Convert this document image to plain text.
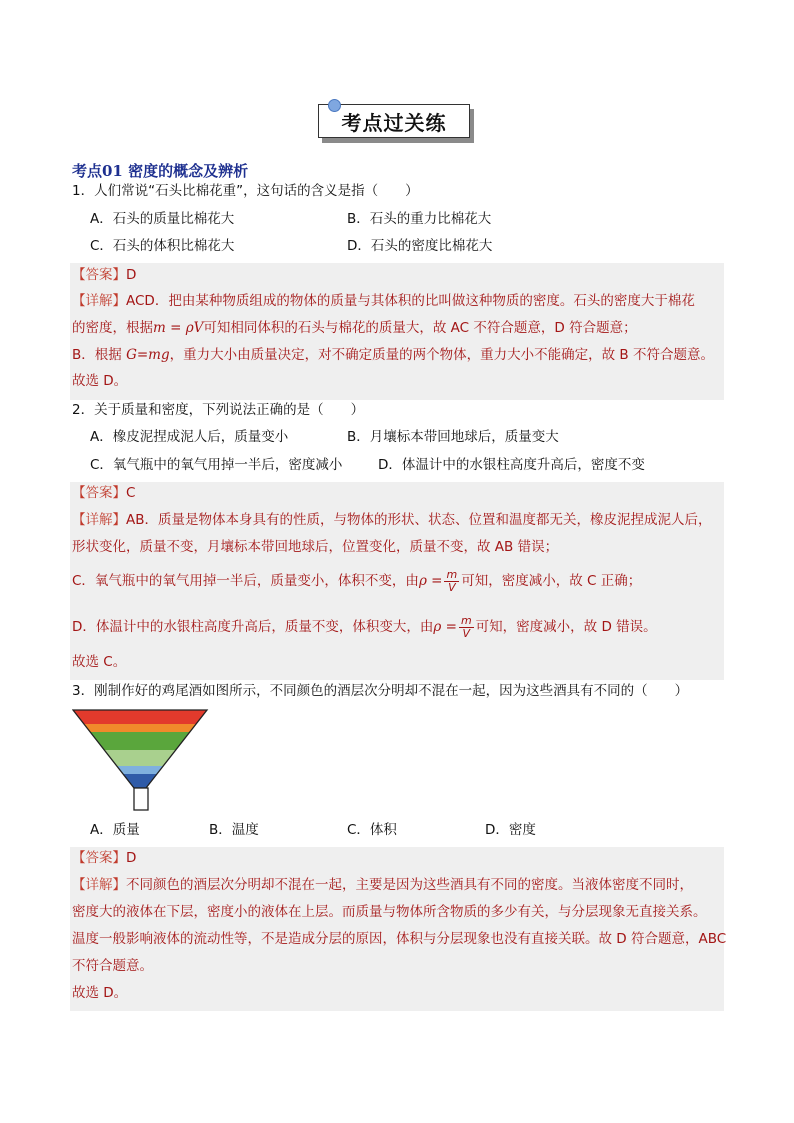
考点过关练
考点01 密度的概念及辨析
1．人们常说“石头比棉花重”，这句话的含义是指（　　）
A．石头的质量比棉花大	B．石头的重力比棉花大
C．石头的体积比棉花大	D．石头的密度比棉花大
【答案】D
【详解】ACD．把由某种物质组成的物体的质量与其体积的比叫做这种物质的密度。石头的密度大于棉花
的密度，根据m = ρV可知相同体积的石头与棉花的质量大，故 AC 不符合题意，D 符合题意；
B．根据 G=mg，重力大小由质量决定，对不确定质量的两个物体，重力大小不能确定，故 B 不符合题意。
故选 D。
2．关于质量和密度，下列说法正确的是（　　）
A．橡皮泥捏成泥人后，质量变小	B．月壤标本带回地球后，质量变大
C．氧气瓶中的氧气用掉一半后，密度减小	D．体温计中的水银柱高度升高后，密度不变
【答案】C
【详解】AB．质量是物体本身具有的性质，与物体的形状、状态、位置和温度都无关，橡皮泥捏成泥人后，
形状变化，质量不变，月壤标本带回地球后，位置变化，质量不变，故 AB 错误；
C．氧气瓶中的氧气用掉一半后，质量变小，体积不变，由$\rho = \frac{m}{V}$ 可知，密度减小，故 C 正确；
D．体温计中的水银柱高度升高后，质量不变，体积变大，由$\rho = \frac{m}{V}$ 可知，密度减小，故 D 错误。
故选 C。
3．刚制作好的鸡尾酒如图所示，不同颜色的酒层次分明却不混在一起，因为这些酒具有不同的（　　）
A．质量	B．温度	C．体积	D．密度
【答案】D
【详解】不同颜色的酒层次分明却不混在一起，主要是因为这些酒具有不同的密度。当液体密度不同时，
密度大的液体在下层，密度小的液体在上层。而质量与物体所含物质的多少有关，与分层现象无直接关系。
温度一般影响液体的流动性等，不是造成分层的原因，体积与分层现象也没有直接关联。故 D 符合题意，ABC
不符合题意。
故选 D。
